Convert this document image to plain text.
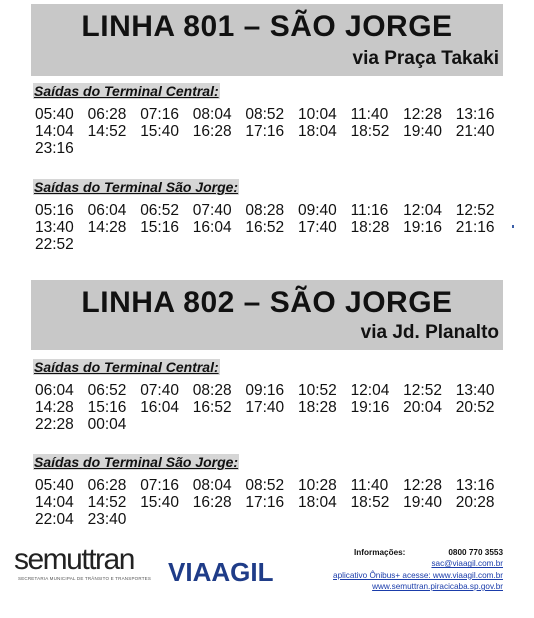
LINHA 801 – SÃO JORGE
via Praça Takaki
Saídas do Terminal Central:
05:40 06:28 07:16 08:04 08:52 10:04 11:40 12:28 13:16
14:04 14:52 15:40 16:28 17:16 18:04 18:52 19:40 21:40
23:16
Saídas do Terminal São Jorge:
05:16 06:04 06:52 07:40 08:28 09:40 11:16 12:04 12:52
13:40 14:28 15:16 16:04 16:52 17:40 18:28 19:16 21:16
22:52
LINHA 802 – SÃO JORGE
via Jd. Planalto
Saídas do Terminal Central:
06:04 06:52 07:40 08:28 09:16 10:52 12:04 12:52 13:40
14:28 15:16 16:04 16:52 17:40 18:28 19:16 20:04 20:52
22:28 00:04
Saídas do Terminal São Jorge:
05:40 06:28 07:16 08:04 08:52 10:28 11:40 12:28 13:16
14:04 14:52 15:40 16:28 17:16 18:04 18:52 19:40 20:28
22:04 23:40
semuttran
SECRETARIA MUNICIPAL DE TRÂNSITO E TRANSPORTES VIAAGIL
Informações:	0800 770 3553
sac@viaagil.com.br
aplicativo Ônibus+ acesse: www.viaagil.com.br
www.semuttran.piracicaba.sp.gov.br
